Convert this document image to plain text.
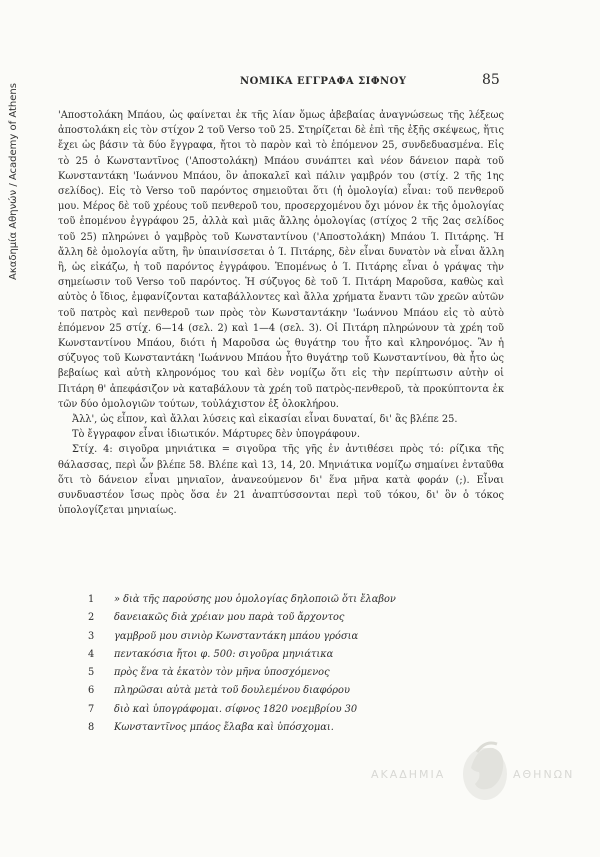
Ακαδημία Αθηνών / Academy of Athens
ΝΟΜΙΚΑ ΕΓΓΡΑΦΑ ΣΙΦΝΟΥ	85

'Αποστολάκη Μπάου, ὡς φαίνεται ἐκ τῆς λίαν ὅμως ἀβεβαίας ἀναγνώσεως τῆς λέξεως ἀποστολάκη εἰς τὸν στίχον 2 τοῦ Verso τοῦ 25. Στηρίζεται δὲ ἐπὶ τῆς ἑξῆς σκέψεως, ἥτις ἔχει ὡς βάσιν τὰ δύο ἔγγραφα, ἤτοι τὸ παρὸν καὶ τὸ ἑπόμενον 25, συνδεδυασμένα. Εἰς τὸ 25 ὁ Κωνσταντῖνος ('Αποστολάκη) Μπάου συνάπτει καὶ νέον δάνειον παρὰ τοῦ Κωνσταντάκη 'Ιωάννου Μπάου, ὃν ἀποκαλεῖ καὶ πάλιν γαμβρόν του (στίχ. 2 τῆς 1ης σελίδος). Εἰς τὸ Verso τοῦ παρόντος σημειοῦται ὅτι (ἡ ὁμολογία) εἶναι: τοῦ πενθεροῦ μου. Μέρος δὲ τοῦ χρέους τοῦ πενθεροῦ του, προσερχομένου ὄχι μόνον ἐκ τῆς ὁμολογίας τοῦ ἑπομένου ἐγγράφου 25, ἀλλὰ καὶ μιᾶς ἄλλης ὁμολογίας (στίχος 2 τῆς 2ας σελίδος τοῦ 25) πληρώνει ὁ γαμβρὸς τοῦ Κωνσταντίνου ('Αποστολάκη) Μπάου Ί. Πιτάρης. Ἡ ἄλλη δὲ ὁμολογία αὕτη, ἣν ὑπαινίσσεται ὁ Ί. Πιτάρης, δὲν εἶναι δυνατὸν νὰ εἶναι ἄλλη ἢ, ὡς εἰκάζω, ἡ τοῦ παρόντος ἐγγράφου. Ἑπομένως ὁ Ί. Πιτάρης εἶναι ὁ γράψας τὴν σημείωσιν τοῦ Verso τοῦ παρόντος. Ἡ σύζυγος δὲ τοῦ Ί. Πιτάρη Μαροῦσα, καθὼς καὶ αὐτὸς ὁ ἴδιος, ἐμφανίζονται καταβάλλοντες καὶ ἄλλα χρήματα ἔναντι τῶν χρεῶν αὐτῶν τοῦ πατρὸς καὶ πενθεροῦ των πρὸς τὸν Κωνσταντάκην 'Ιωάννου Μπάου εἰς τὸ αὐτὸ ἑπόμενον 25 στίχ. 6—14 (σελ. 2) καὶ 1—4 (σελ. 3). Οἱ Πιτάρη πληρώνουν τὰ χρέη τοῦ Κωνσταντίνου Μπάου, διότι ἡ Μαροῦσα ὡς θυγάτηρ του ἦτο καὶ κληρονόμος. Ἂν ἡ σύζυγος τοῦ Κωνσταντάκη 'Ιωάννου Μπάου ἦτο θυγάτηρ τοῦ Κωνσταντίνου, θὰ ἦτο ὡς βεβαίως καὶ αὐτὴ κληρονόμος του καὶ δὲν νομίζω ὅτι εἰς τὴν περίπτωσιν αὐτὴν οἱ Πιτάρη θ' ἀπεφάσιζον νὰ καταβάλουν τὰ χρέη τοῦ πατρὸς-πενθεροῦ, τὰ προκύπτοντα ἐκ τῶν δύο ὁμολογιῶν τούτων, τοὐλάχιστον ἐξ ὁλοκλήρου.

Ἀλλ', ὡς εἶπον, καὶ ἄλλαι λύσεις καὶ εἰκασίαι εἶναι δυναταί, δι' ἃς βλέπε 25.

Τὸ ἔγγραφον εἶναι ἰδιωτικόν. Μάρτυρες δὲν ὑπογράφουν.

Στίχ. 4: σιγοῦρα μηνιάτικα = σιγοῦρα τῆς γῆς ἐν ἀντιθέσει πρὸς τό: ρίζικα τῆς θάλασσας, περὶ ὧν βλέπε 58. Βλέπε καὶ 13, 14, 20. Μηνιάτικα νομίζω σημαίνει ἐνταῦθα ὅτι τὸ δάνειον εἶναι μηνιαῖον, ἀνανεούμενον δι' ἕνα μῆνα κατὰ φοράν (;). Εἶναι συνδυαστέον ἴσως πρὸς ὅσα ἐν 21 ἀναπτύσσονται περὶ τοῦ τόκου, δι' ὃν ὁ τόκος ὑπολογίζεται μηνιαίως.

1	» διὰ τῆς παρούσης μου ὁμολογίας δηλοποιῶ ὅτι ἔλαβον
2	δανειακῶς διὰ χρέιαν μου παρὰ τοῦ ἄρχοντος
3	γαμβροῦ μου σινιὸρ Κωνσταντάκη μπάου γρόσια
4	πεντακόσια ἤτοι φ. 500: σιγοῦρα μηνιάτικα
5	πρὸς ἕνα τὰ ἑκατὸν τὸν μῆνα ὑποσχόμενος
6	πληρῶσαι αὐτὰ μετὰ τοῦ δουλεμένου διαφόρου
7	διὸ καὶ ὑπογράφομαι. σίφνος 1820 νοεμβρίου 30
8	Κωνσταντῖνος μπάος ἔλαβα καὶ ὑπόσχομαι.
ΑΚΑΔΗΜΙΑ	ΑΘΗΝΩΝ
